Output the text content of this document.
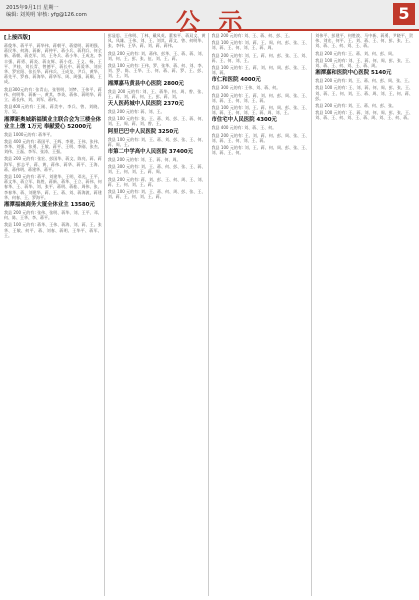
2015年9月1日 星期一
编辑: 刘英明 审核: yfg@126.com	公 示	5
[上接四版]
蒋俊华、蒋平平、蒋华伟、蒋朝平、蒋望明、蒋明强、蒋民华、何海、蒋新、蒋仲平、蒋小兵、蒋利兵、何全新、蒋朝、蒋克军、刘、王冬兵、蒋小华、王成龙、李丰强、蒋勇、蒋炎、蒋友辉、蒋小花、王义、杨、王平、尹桂、刘长青、曾德平、蒋长中、蒋爱华、刘庆华、罗宏阳、张长华、蒋伟兵、王成龙、尹兵、黄华、蒋先平、罗春、蒋海华、蒋华军、周、周强、蒋顺、王成。
我县300元的有: 张青山、张智明、刘梦、王伟平、蒋伟、何明华、蒋新一、黄其、李英、蒋伟、蒋明华、蒋立、蒋长伟、刘、刘军、蒋伟。
我县400元的有: 王刚、蒋美中、李兵、曾、刘晓、方、吴。
湘潭新奥城新福镇业主联合会为三楼全体业主上缴 1万元 奉献爱心 52000元
我县 1000元的有: 蒋华平。
我县 400 元的有: 蒋国平、王辉、李建、王伟、张伟、李华、刘强、张勇、王敏、蒋平、王明、李刚、张杰、刘伟、王磊、李军、张涛、王强。
我县 200 元的有: 张宏、彭国华、蒋文、陈亮、蒋、蒋海军、彭志平、蒋、黄、蒋伟、蒋华、蒋平、王海、蒋、蒋伟明、蒋建华、蒋平。
我县 100 元的有: 蒋平、刘建华、王明、邓光、王平、蒋文华、蒋立军、陈胜、蒋新、蒋华、王立、蒋伟、何春华、王、蒋华、刘、张平、蒋明、蒋桂、周伟、张、李春华、蒋、刘建华、蒋、王、蒋、刘、蒋海波、蒋建华、何春、王、罗海平。
湘潭福城商务大厦全体业主 13580元
我县 200 元的有: 张伟、张明、蒋华、刘、王平、邓、何、陈、王华、李、蒋平。
我县 100 元的有: 蒋华、王伟、蒋海、刘、蒋、王、张华、王敏、何平、蒋、刘春、蒋明、王华平、蒋军、王。
彭显思、王伟明、丁林、戴凤英、董家平、蒋双文、黄凤、凤雄、王伟、刘、王、刘其、蒋文、曾、何明华、张、李伟、王华、蒋、刘、蒋、蒋伟。
我县 200 元的有: 刘、蒋伟、彭华、王、蒋、蒋、刘、刘、何、王、彭、张、伍、刘、王、蒋。
我县 100 元的有: 王伟、罗、张华、蒋、何、刘、李、刘、罗、陈、王华、王、何、蒋、蒋、罗、王、彭、刘、王、刘。
湘潭嘉马黄县中心医院 2800元
我县 200 元的有: 刘、王、蒋华、何、周、曾、张、王、蒋、刘、蒋、何、王、彭、蒋、刘。
天人医药城中人民医院 2370元
我县 200 元的有: 蒋、刘、王。
我县 100 元的有: 张、王、蒋、刘、彭、王、蒋、何、刘、王、周、蒋、刘、曾、王。
阿里巴巴中人民医院 3250元
我县 100 元的有: 刘、王、蒋、刘、彭、张、王、何、蒋、周、王。
市第二中学高中人民医院 37400元
我县 200 元的有: 刘、王、蒋、何、周。
我县 300 元的有: 刘、王、蒋、何、彭、张、王、蒋、刘、王、何、刘、王、蒋、周。
我县 200 元的有: 蒋、刘、彭、王、何、周、王、刘、蒋、王、何、刘、王、蒋。
我县 100 元的有: 刘、王、蒋、何、周、彭、张、王、刘、蒋、王、何、刘、王、蒋。
我县 200 元的有: 刘、王、蒋、何、彭、王。
我县 100 元的有: 刘、蒋、王、周、何、彭、张、王、刘、蒋、王、何、刘、王、蒋、周。
我县 200 元的有: 刘、王、蒋、何、彭、张、王、刘、蒋、王、何、刘、王。
我县 100 元的有: 王、蒋、刘、何、周、彭、张、王、刘、蒋。
市仁和医院 4000元
我县 300 元的有: 王伟、刘、蒋、何。
我县 200 元的有: 王、蒋、刘、何、彭、周、张、王、刘、蒋、王、何、刘、王、蒋。
我县 100 元的有: 刘、王、蒋、何、周、彭、张、王、刘、蒋、王、何、刘、王、蒋、周、刘、王。
市住宅中人民医院 4300元
我县 400 元的有: 刘、蒋、王、何。
我县 200 元的有: 王、刘、蒋、何、彭、周、张、王、刘、蒋、王、何、刘、王、蒋。
我县 100 元的有: 刘、王、蒋、何、周、彭、张、王、刘、蒋、王、何。
刘伟平、彭建平、何胜波、马中新、蒋勇、尹晓平、贺伟、刘宏、何平、王、刘、蒋、王、何、彭、张、王、刘、蒋、王、何、刘、王、蒋。
我县 200 元的有: 王、蒋、刘、何、彭、周。
我县 100 元的有: 刘、王、蒋、何、周、彭、张、王、刘、蒋、王、何、刘、王、蒋、周。
湘潭嘉和医院中心医院 5140元
我县 200 元的有: 刘、王、蒋、何、彭、周、张、王。
我县 100 元的有: 王、刘、蒋、何、周、彭、张、王、刘、蒋、王、何、刘、王、蒋、周、刘、王、何、蒋、彭。
我县 200 元的有: 刘、王、蒋、何、彭、张。
我县 100 元的有: 王、蒋、刘、何、周、彭、张、王、刘、蒋、王、何、刘、王、蒋、周、刘、王、何、蒋。
